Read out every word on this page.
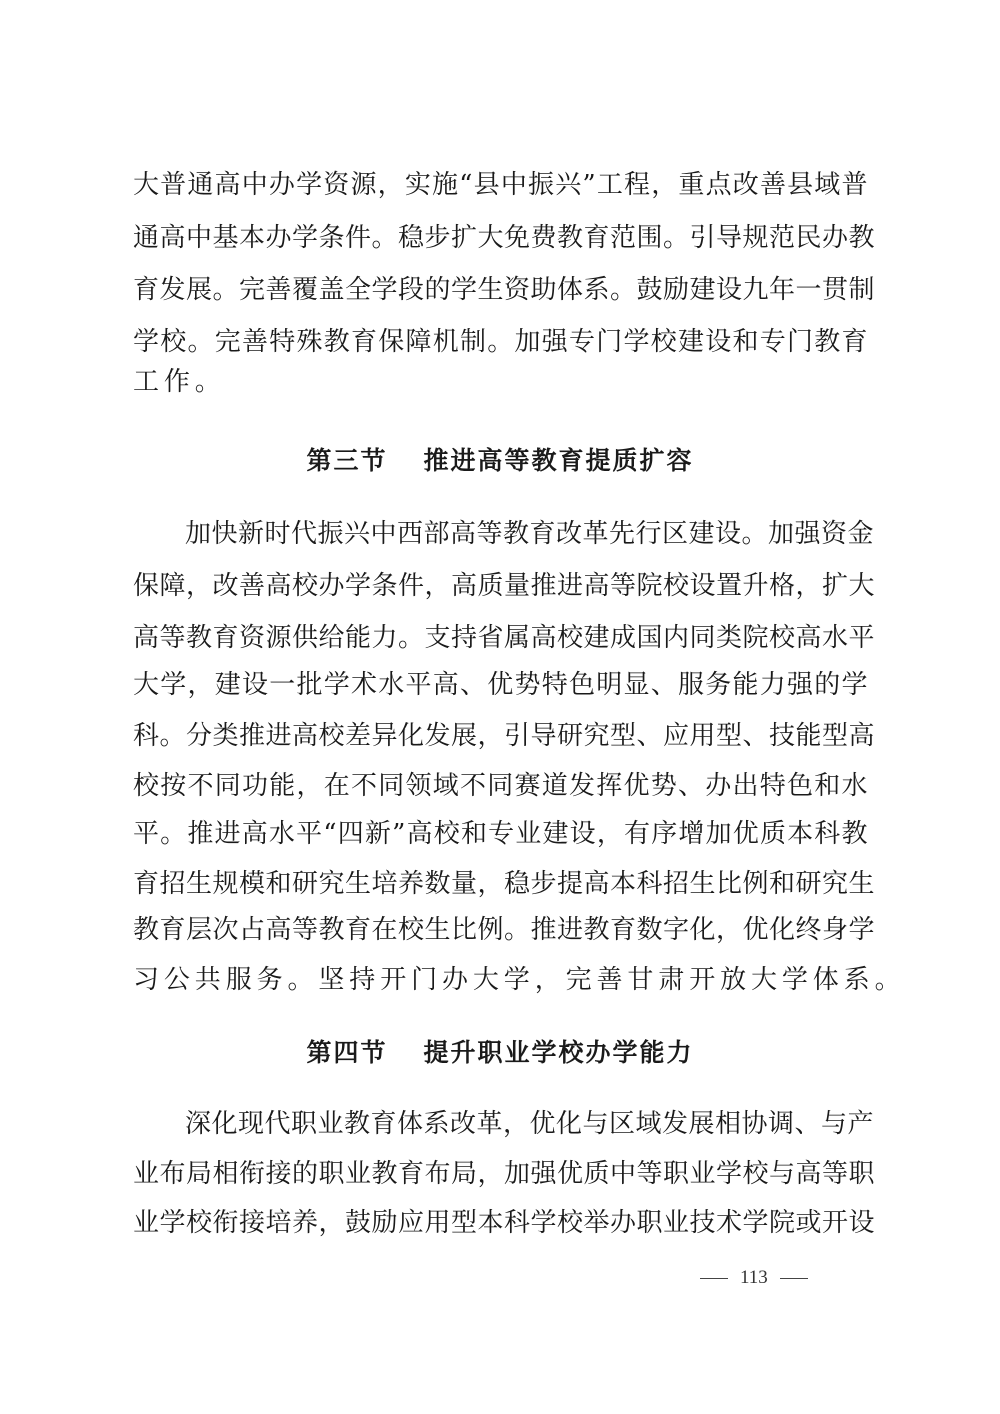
大普通高中办学资源，实施“县中振兴”工程，重点改善县域普
通高中基本办学条件。稳步扩大免费教育范围。引导规范民办教
育发展。完善覆盖全学段的学生资助体系。鼓励建设九年一贯制
学校。完善特殊教育保障机制。加强专门学校建设和专门教育
工作。
第三节 推进高等教育提质扩容
加快新时代振兴中西部高等教育改革先行区建设。加强资金
保障，改善高校办学条件，高质量推进高等院校设置升格，扩大
高等教育资源供给能力。支持省属高校建成国内同类院校高水平
大学，建设一批学术水平高、优势特色明显、服务能力强的学
科。分类推进高校差异化发展，引导研究型、应用型、技能型高
校按不同功能，在不同领域不同赛道发挥优势、办出特色和水
平。推进高水平“四新”高校和专业建设，有序增加优质本科教
育招生规模和研究生培养数量，稳步提高本科招生比例和研究生
教育层次占高等教育在校生比例。推进教育数字化，优化终身学
习公共服务。坚持开门办大学，完善甘肃开放大学体系。
第四节 提升职业学校办学能力
深化现代职业教育体系改革，优化与区域发展相协调、与产
业布局相衔接的职业教育布局，加强优质中等职业学校与高等职
业学校衔接培养，鼓励应用型本科学校举办职业技术学院或开设
113
